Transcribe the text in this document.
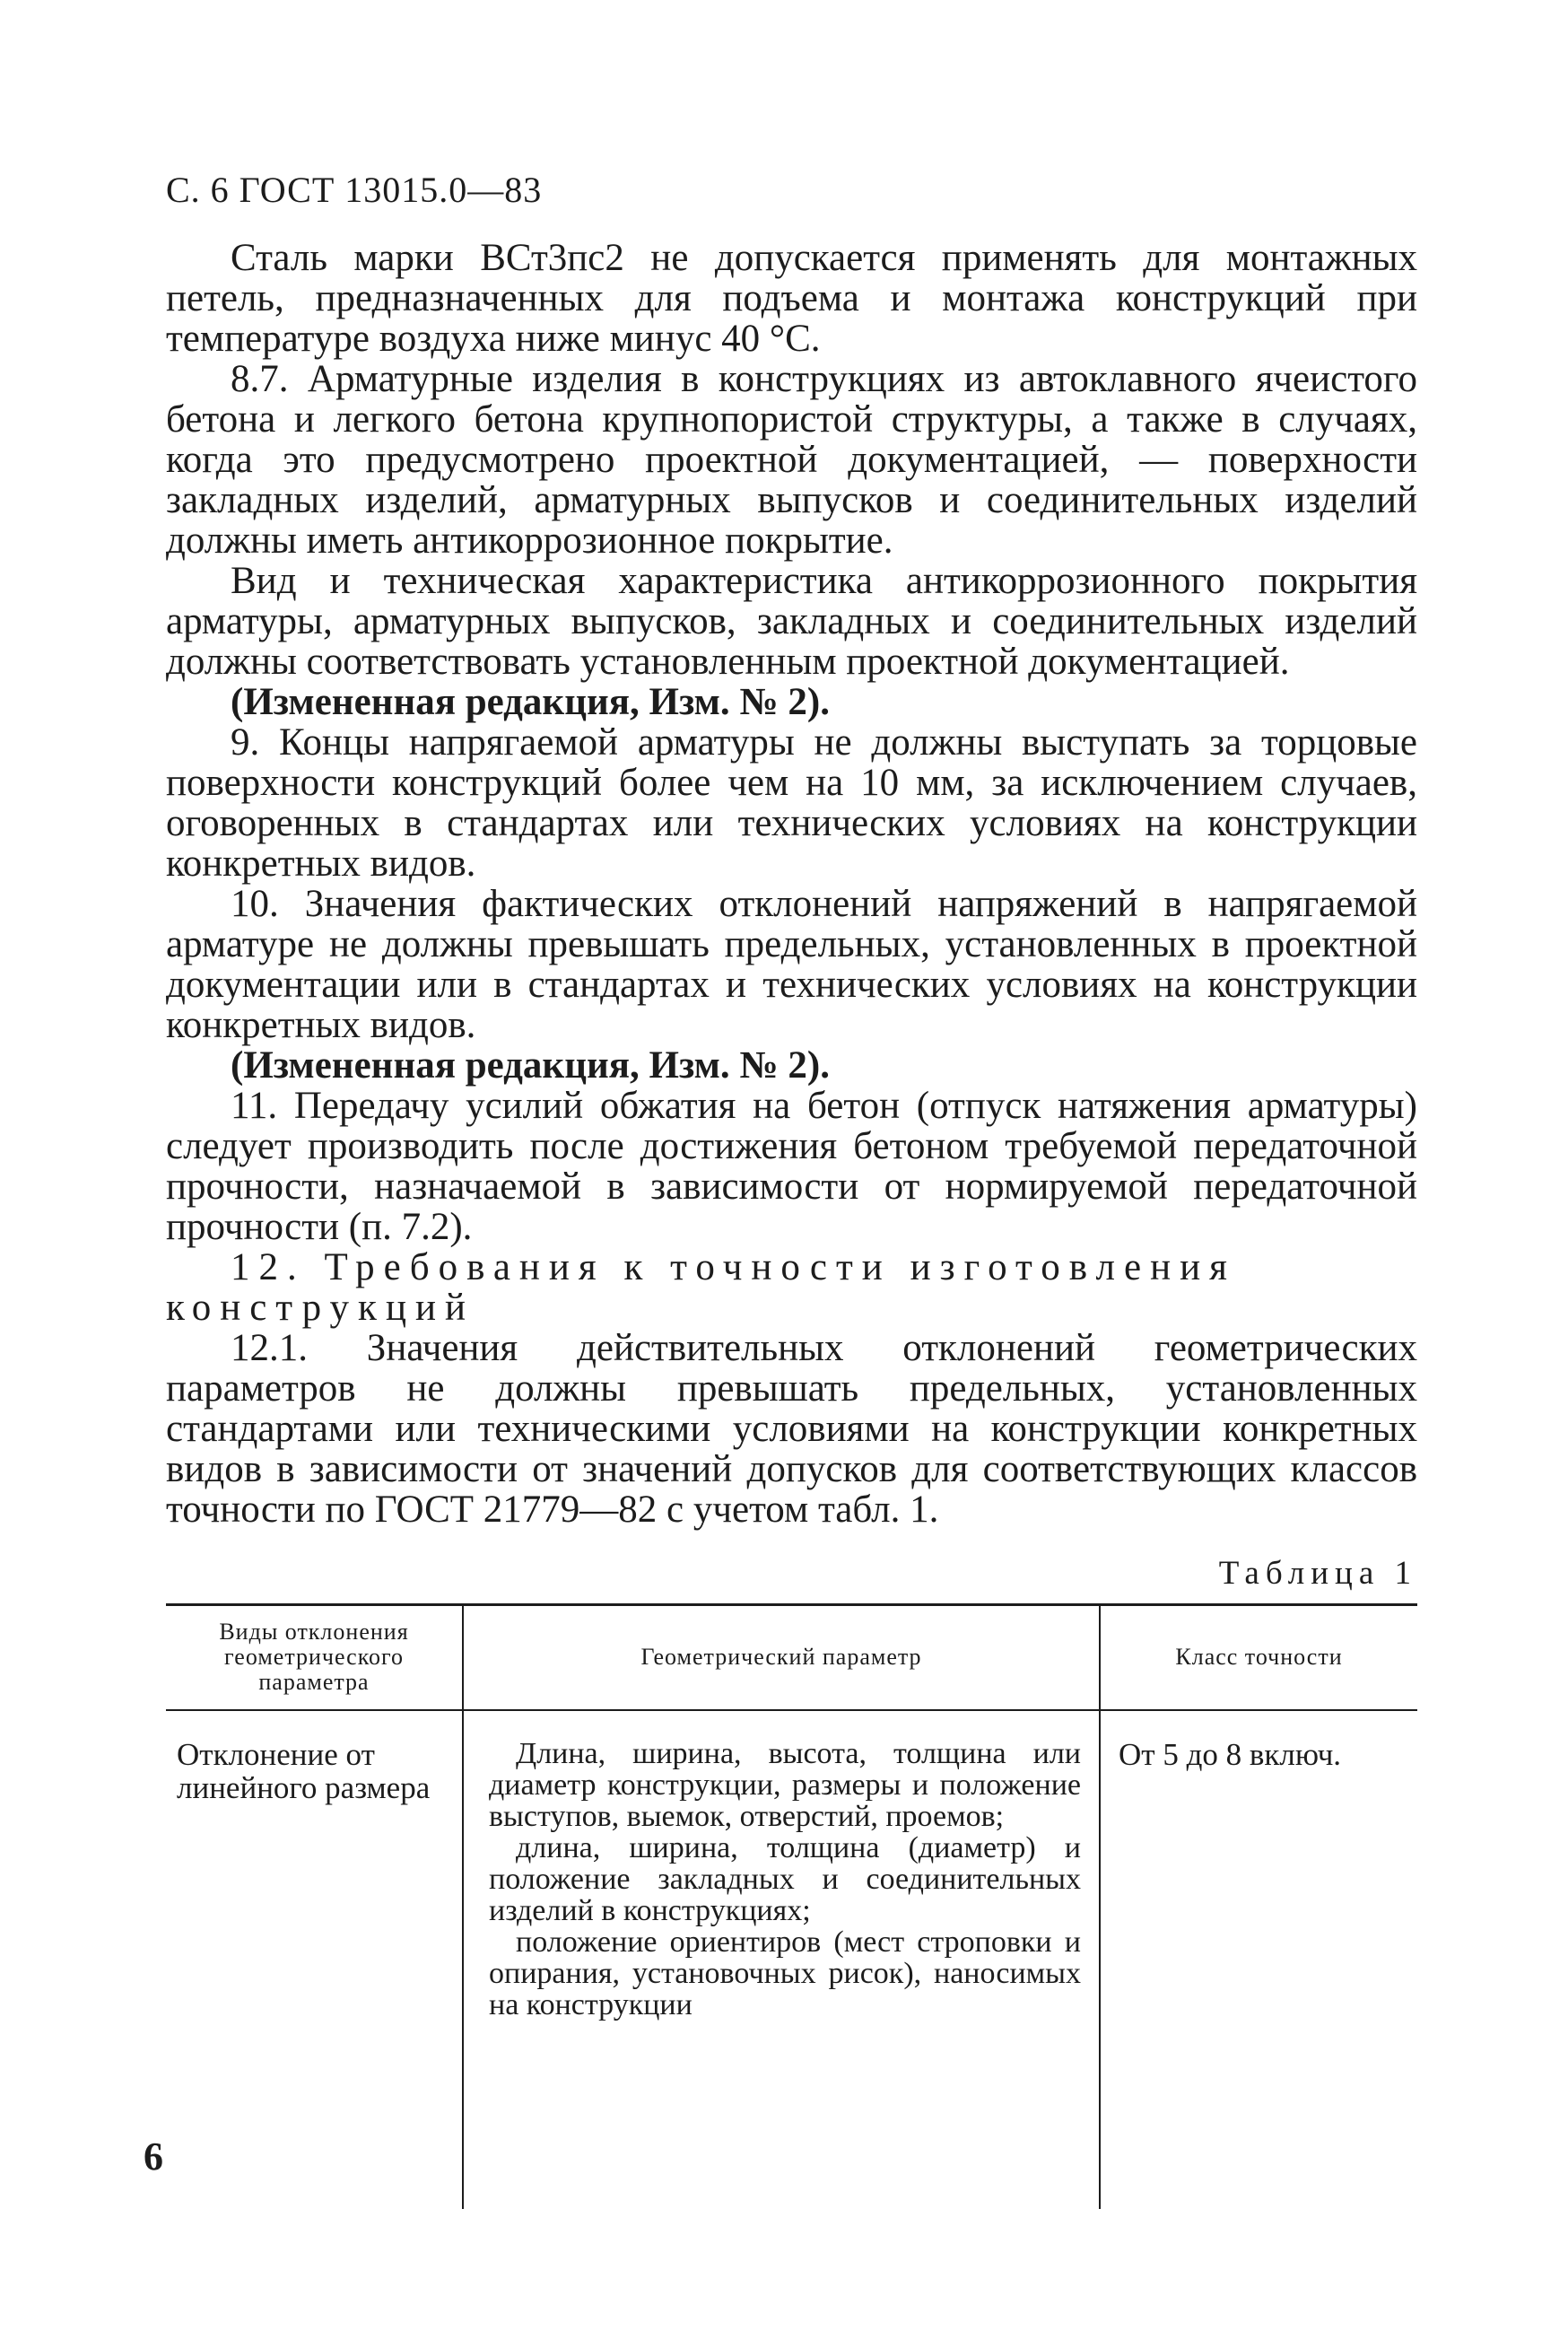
С. 6 ГОСТ 13015.0—83

Сталь марки ВСт3пс2 не допускается применять для монтажных петель, предназначенных для подъема и монтажа конструкций при температуре воздуха ниже минус 40 °С.

8.7. Арматурные изделия в конструкциях из автоклавного ячеистого бетона и легкого бетона крупнопористой структуры, а также в случаях, когда это предусмотрено проектной документацией, — поверхности закладных изделий, арматурных выпусков и соединительных изделий должны иметь антикоррозионное покрытие.

Вид и техническая характеристика антикоррозионного покрытия арматуры, арматурных выпусков, закладных и соединительных изделий должны соответствовать установленным проектной документацией.

(Измененная редакция, Изм. № 2).

9. Концы напрягаемой арматуры не должны выступать за торцовые поверхности конструкций более чем на 10 мм, за исключением случаев, оговоренных в стандартах или технических условиях на конструкции конкретных видов.

10. Значения фактических отклонений напряжений в напрягаемой арматуре не должны превышать предельных, установленных в проектной документации или в стандартах и технических условиях на конструкции конкретных видов.

(Измененная редакция, Изм. № 2).

11. Передачу усилий обжатия на бетон (отпуск натяжения арматуры) следует производить после достижения бетоном требуемой передаточной прочности, назначаемой в зависимости от нормируемой передаточной прочности (п. 7.2).

12. Требования к точности изготовления конструкций

12.1. Значения действительных отклонений геометрических параметров не должны превышать предельных, установленных стандартами или техническими условиями на конструкции конкретных видов в зависимости от значений допусков для соответствующих классов точности по ГОСТ 21779—82 с учетом табл. 1.

Таблица 1
Виды отклонения геометрического параметра
Геометрический параметр	Класс точности
Отклонение от линейного размера

Длина, ширина, высота, толщина или диаметр конструкции, размеры и положение выступов, выемок, отверстий, проемов;

длина, ширина, толщина (диаметр) и положение закладных и соединительных изделий в конструкциях;

положение ориентиров (мест строповки и опирания, установочных рисок), наносимых на конструкции

От 5 до 8 включ.
6
